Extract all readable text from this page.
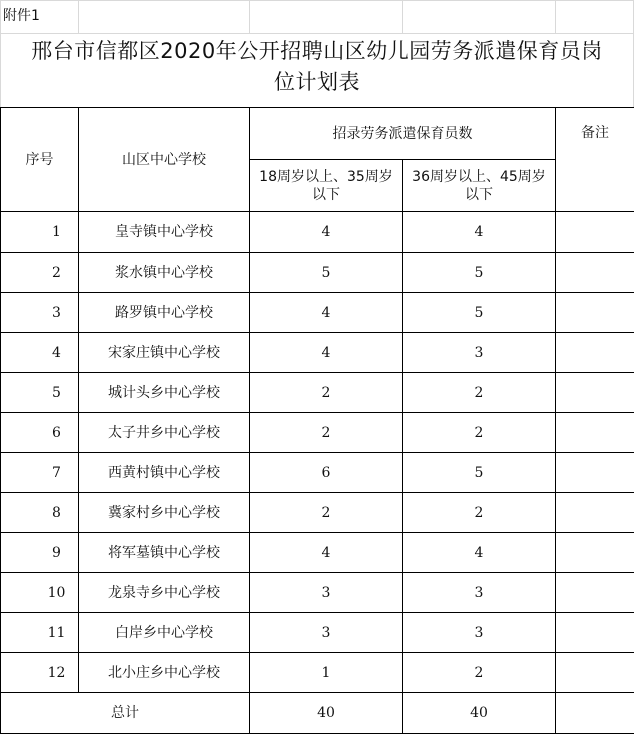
附件1
邢台市信都区2020年公开招聘山区幼儿园劳务派遣保育员岗
位计划表
序号	山区中心学校	招录劳务派遣保育员数		备注
		18周岁以上、35周岁以下	36周岁以上、45周岁以下	
1	皇寺镇中心学校	4	4	
2	浆水镇中心学校	5	5	
3	路罗镇中心学校	4	5	
4	宋家庄镇中心学校	4	3	
5	城计头乡中心学校	2	2	
6	太子井乡中心学校	2	2	
7	西黄村镇中心学校	6	5	
8	冀家村乡中心学校	2	2	
9	将军墓镇中心学校	4	4	
10	龙泉寺乡中心学校	3	3	
11	白岸乡中心学校	3	3	
12	北小庄乡中心学校	1	2	
总计		40	40	
